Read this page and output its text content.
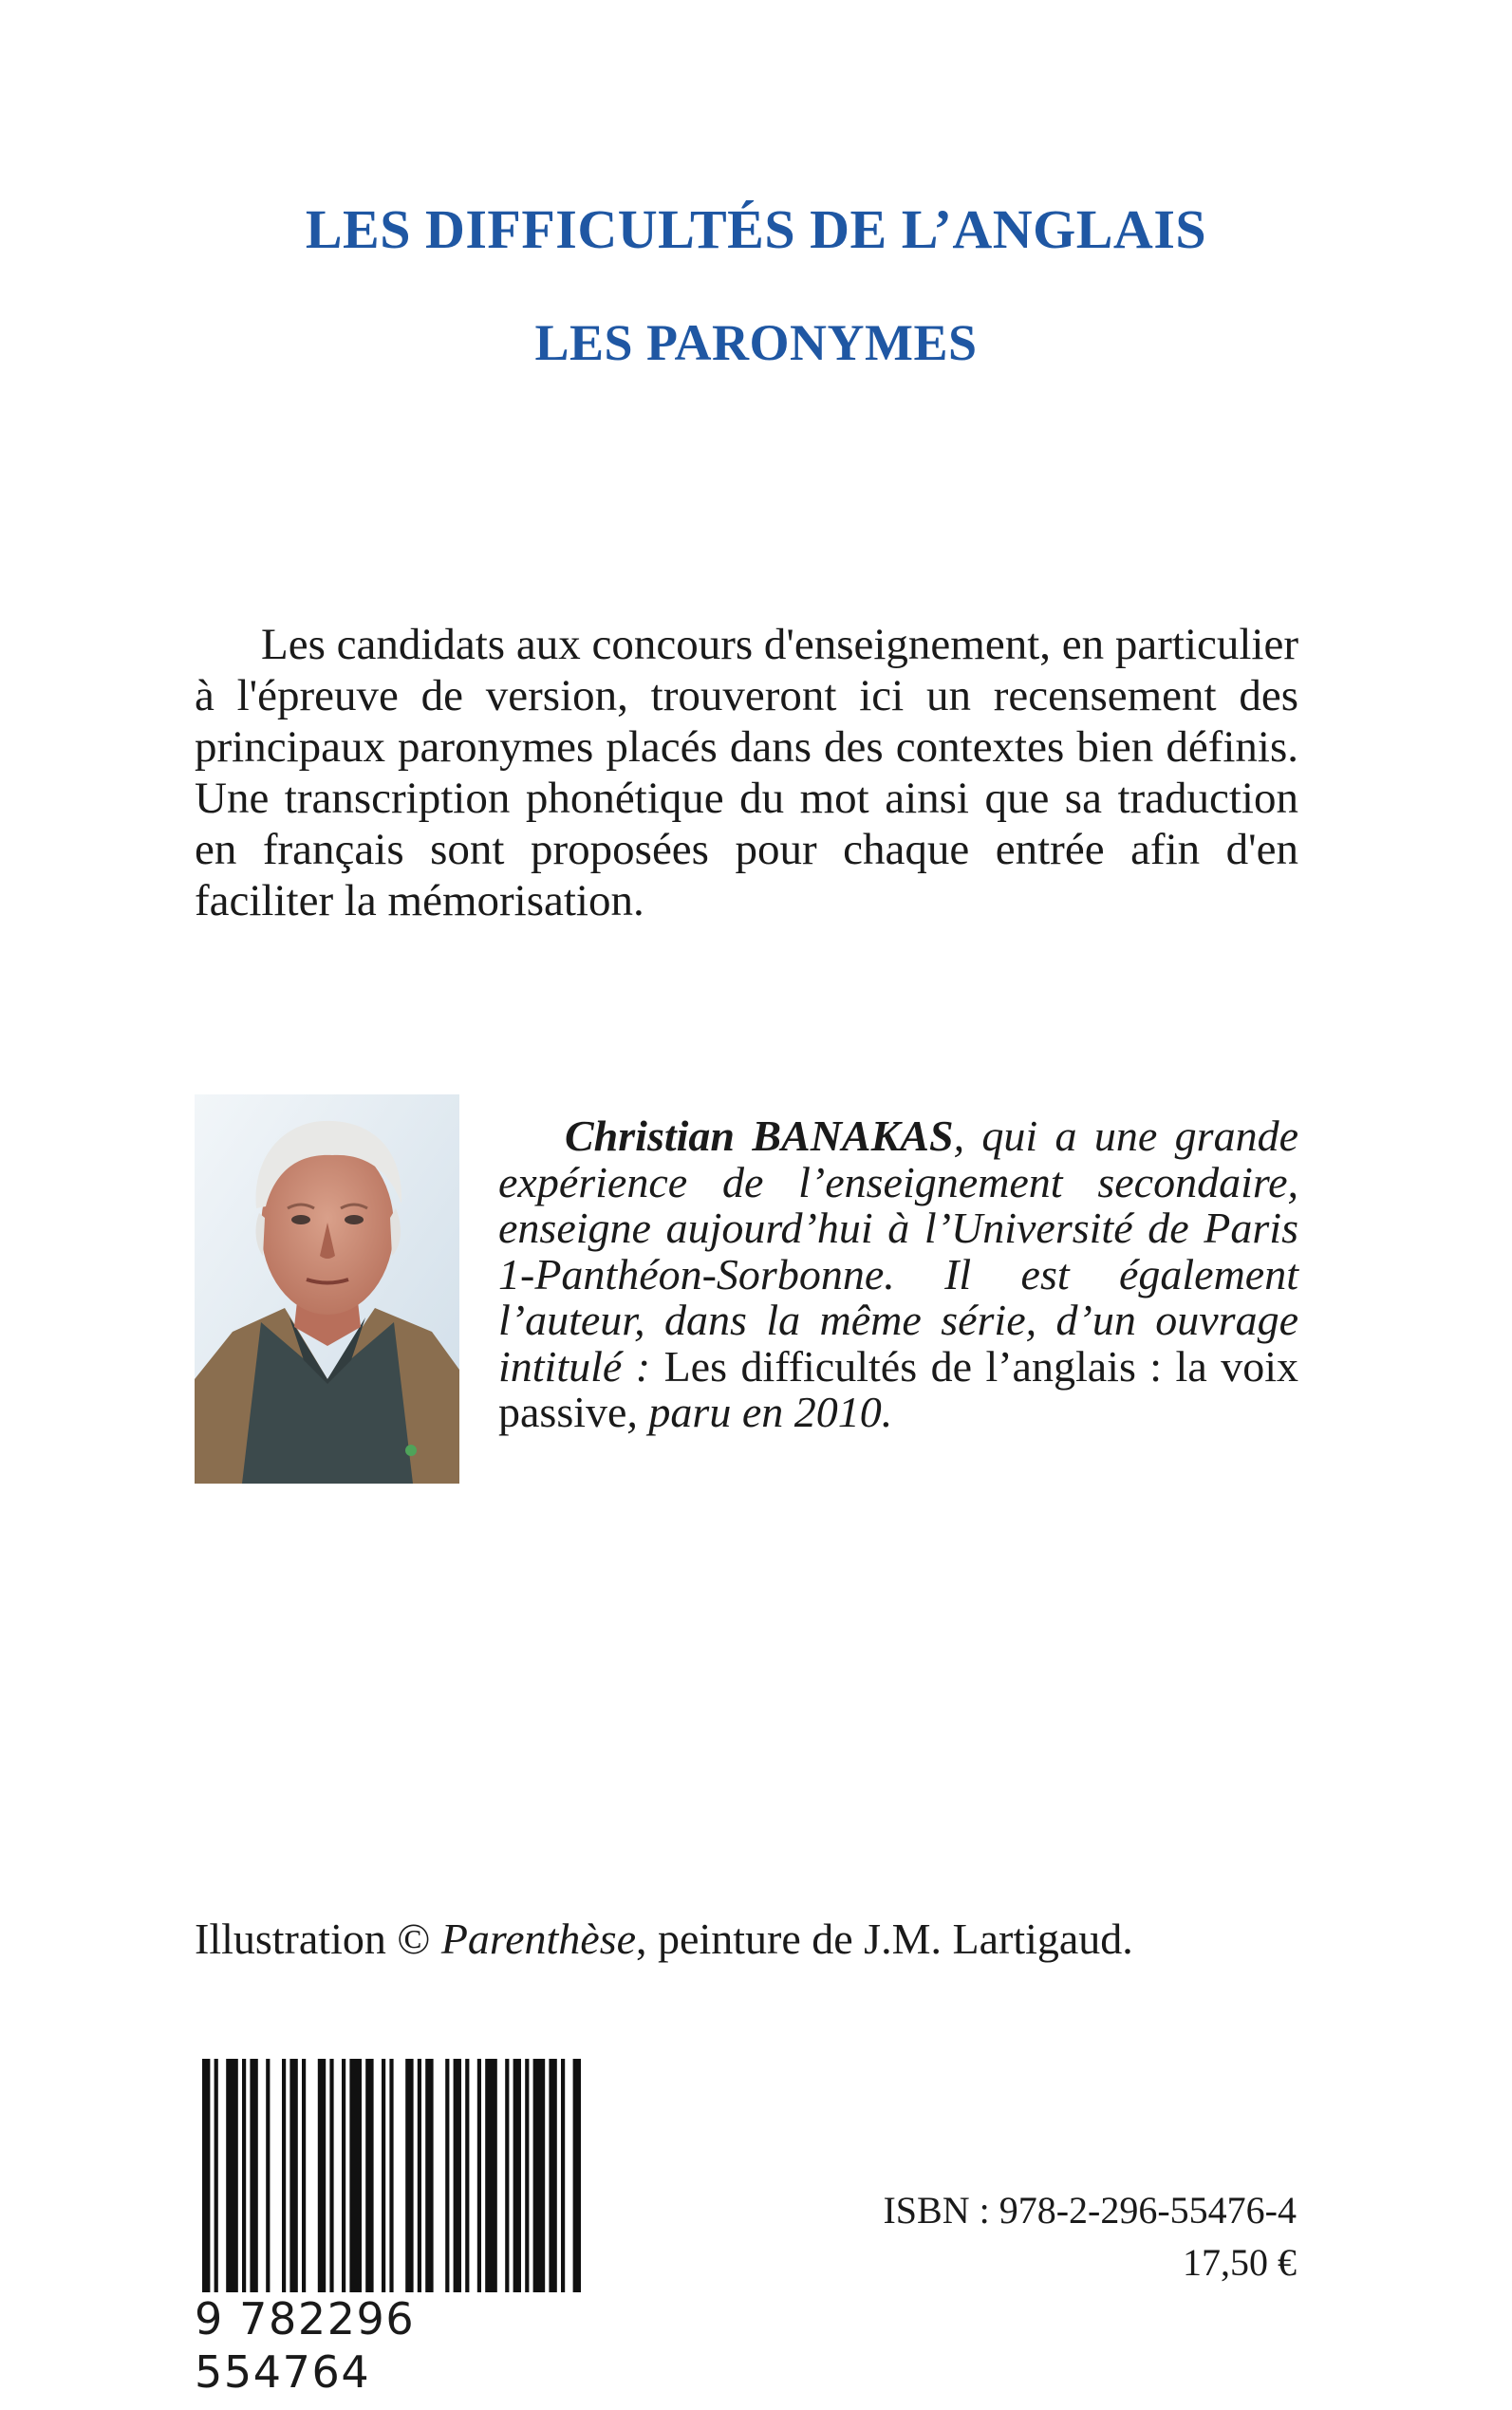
LES DIFFICULTÉS DE L’ANGLAIS
LES PARONYMES

Les candidats aux concours d'enseignement, en particulier à l'épreuve de version, trouveront ici un recensement des principaux paronymes placés dans des contextes bien définis. Une transcription phonétique du mot ainsi que sa traduction en français sont proposées pour chaque entrée afin d'en faciliter la mémorisation.

Christian BANAKAS, qui a une grande expérience de l’enseignement secondaire, enseigne aujourd’hui à l’Université de Paris 1-Panthéon-Sorbonne. Il est également l’auteur, dans la même série, d’un ouvrage intitulé : Les difficultés de l’anglais : la voix passive, paru en 2010.

Illustration © Parenthèse, peinture de J.M. Lartigaud.

9 782296 554764
ISBN : 978-2-296-55476-4
17,50 €
